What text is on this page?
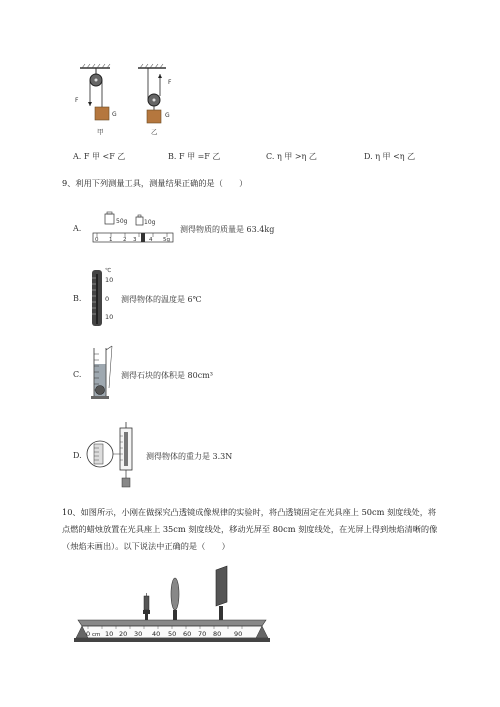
F
G
甲
F
G
乙
A. F 甲 <F 乙	B. F 甲 =F 乙	C. η 甲 >η 乙	D. η 甲 <η 乙
9、利用下列测量工具，测量结果正确的是（　　）
A.
50g	10g
0 1 2 3 4 5g
测得物质的质量是 63.4kg
B.
℃
10
0
10
测得物体的温度是 6℃
C.	测得石块的体积是 80cm³
D.	测得物体的重力是 3.3N
10、如图所示，小刚在做探究凸透镜成像规律的实验时，将凸透镜固定在光具座上 50cm 刻度线处，将
点燃的蜡烛放置在光具座上 35cm 刻度线处，移动光屏至 80cm 刻度线处，在光屏上得到烛焰清晰的像
（烛焰未画出）。以下说法中正确的是（　　）
0 cm 10 20 30 40 50 60 70 80 90
